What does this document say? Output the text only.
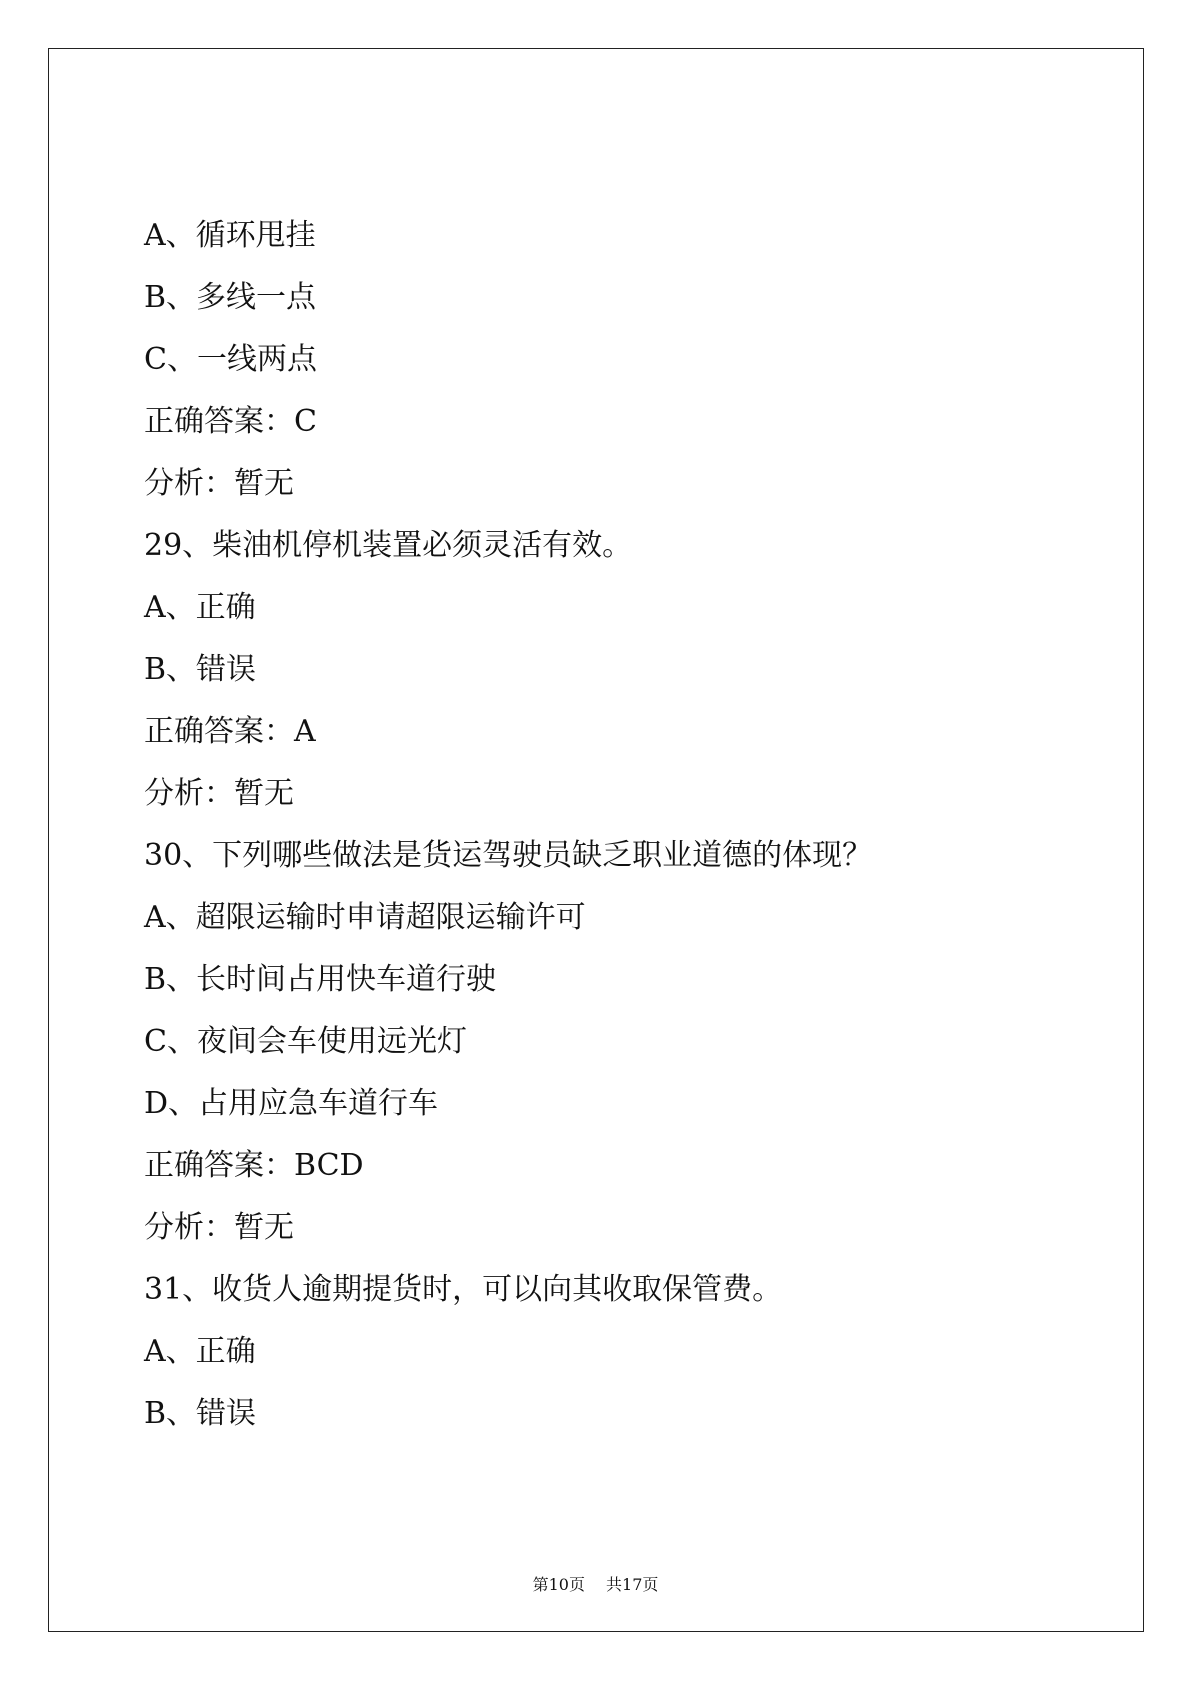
A、循环甩挂
B、多线一点
C、一线两点
正确答案：C
分析：暂无
29、柴油机停机装置必须灵活有效。
A、正确
B、错误
正确答案：A
分析：暂无
30、下列哪些做法是货运驾驶员缺乏职业道德的体现？
A、超限运输时申请超限运输许可
B、长时间占用快车道行驶
C、夜间会车使用远光灯
D、占用应急车道行车
正确答案：BCD
分析：暂无
31、收货人逾期提货时，可以向其收取保管费。
A、正确
B、错误
第10页 共17页
